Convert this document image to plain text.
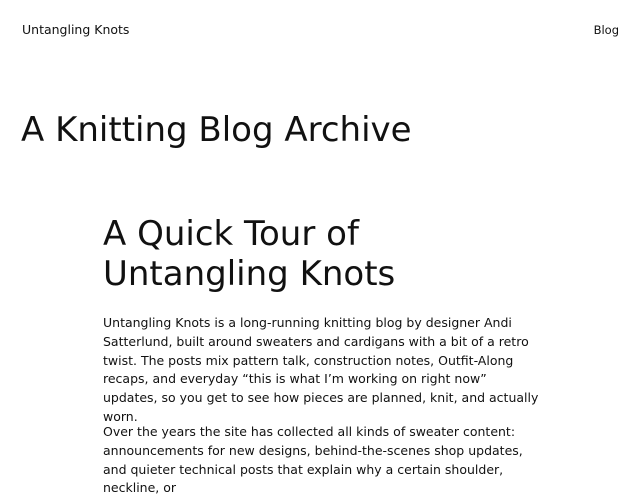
Untangling Knots	Blog
A Knitting Blog Archive
A Quick Tour of Untangling Knots

Untangling Knots is a long-running knitting blog by designer Andi Satterlund, built around sweaters and cardigans with a bit of a retro twist. The posts mix pattern talk, construction notes, Outfit-Along recaps, and everyday “this is what I’m working on right now” updates, so you get to see how pieces are planned, knit, and actually worn.

Over the years the site has collected all kinds of sweater content: announcements for new designs, behind-the-scenes shop updates, and quieter technical posts that explain why a certain shoulder, neckline, or
